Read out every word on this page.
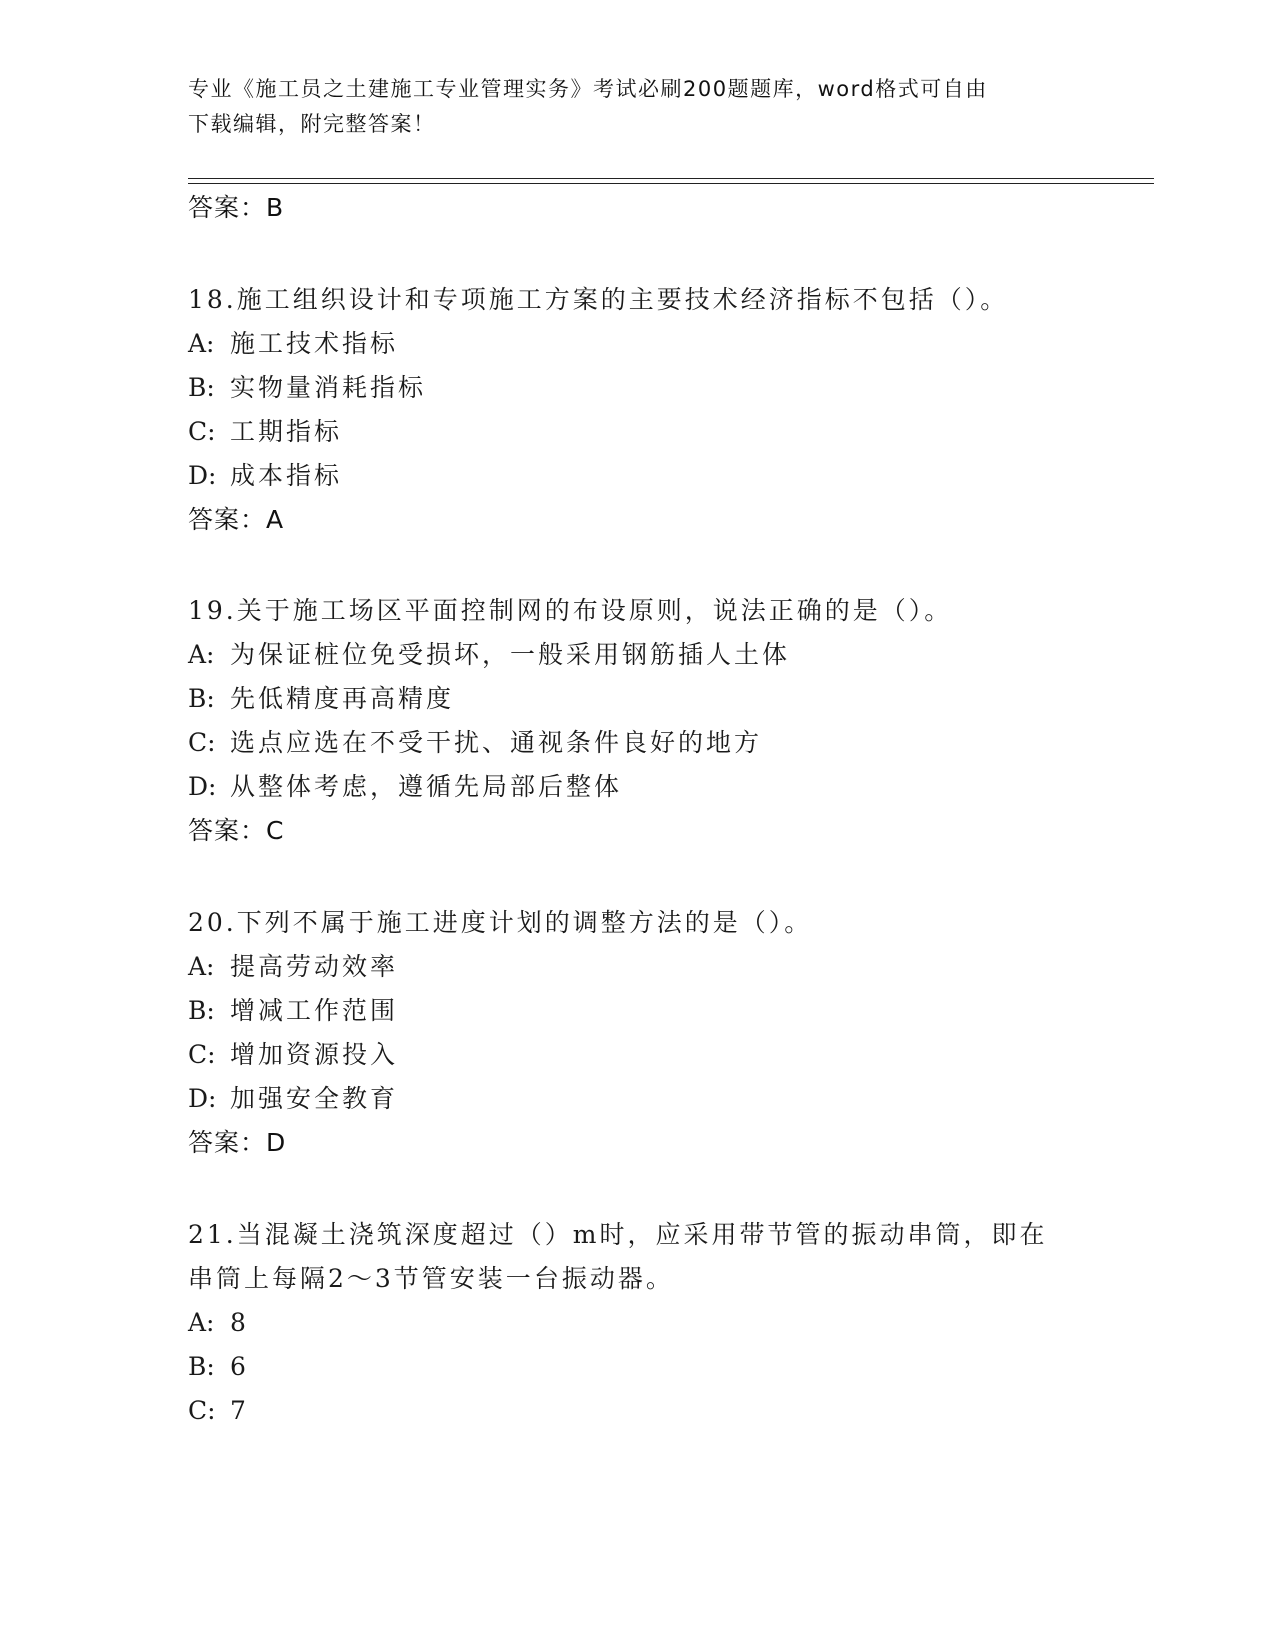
专业《施工员之土建施工专业管理实务》考试必刷200题题库，word格式可自由
下载编辑，附完整答案！
答案：B
18.施工组织设计和专项施工方案的主要技术经济指标不包括（）。
A: 施工技术指标
B: 实物量消耗指标
C: 工期指标
D: 成本指标
答案：A
19.关于施工场区平面控制网的布设原则，说法正确的是（）。
A: 为保证桩位免受损坏，一般采用钢筋插人土体
B: 先低精度再高精度
C: 选点应选在不受干扰、通视条件良好的地方
D: 从整体考虑，遵循先局部后整体
答案：C
20.下列不属于施工进度计划的调整方法的是（）。
A: 提高劳动效率
B: 增减工作范围
C: 增加资源投入
D: 加强安全教育
答案：D
21.当混凝土浇筑深度超过（）m时，应采用带节管的振动串筒，即在
串筒上每隔2～3节管安装一台振动器。
A: 8
B: 6
C: 7
